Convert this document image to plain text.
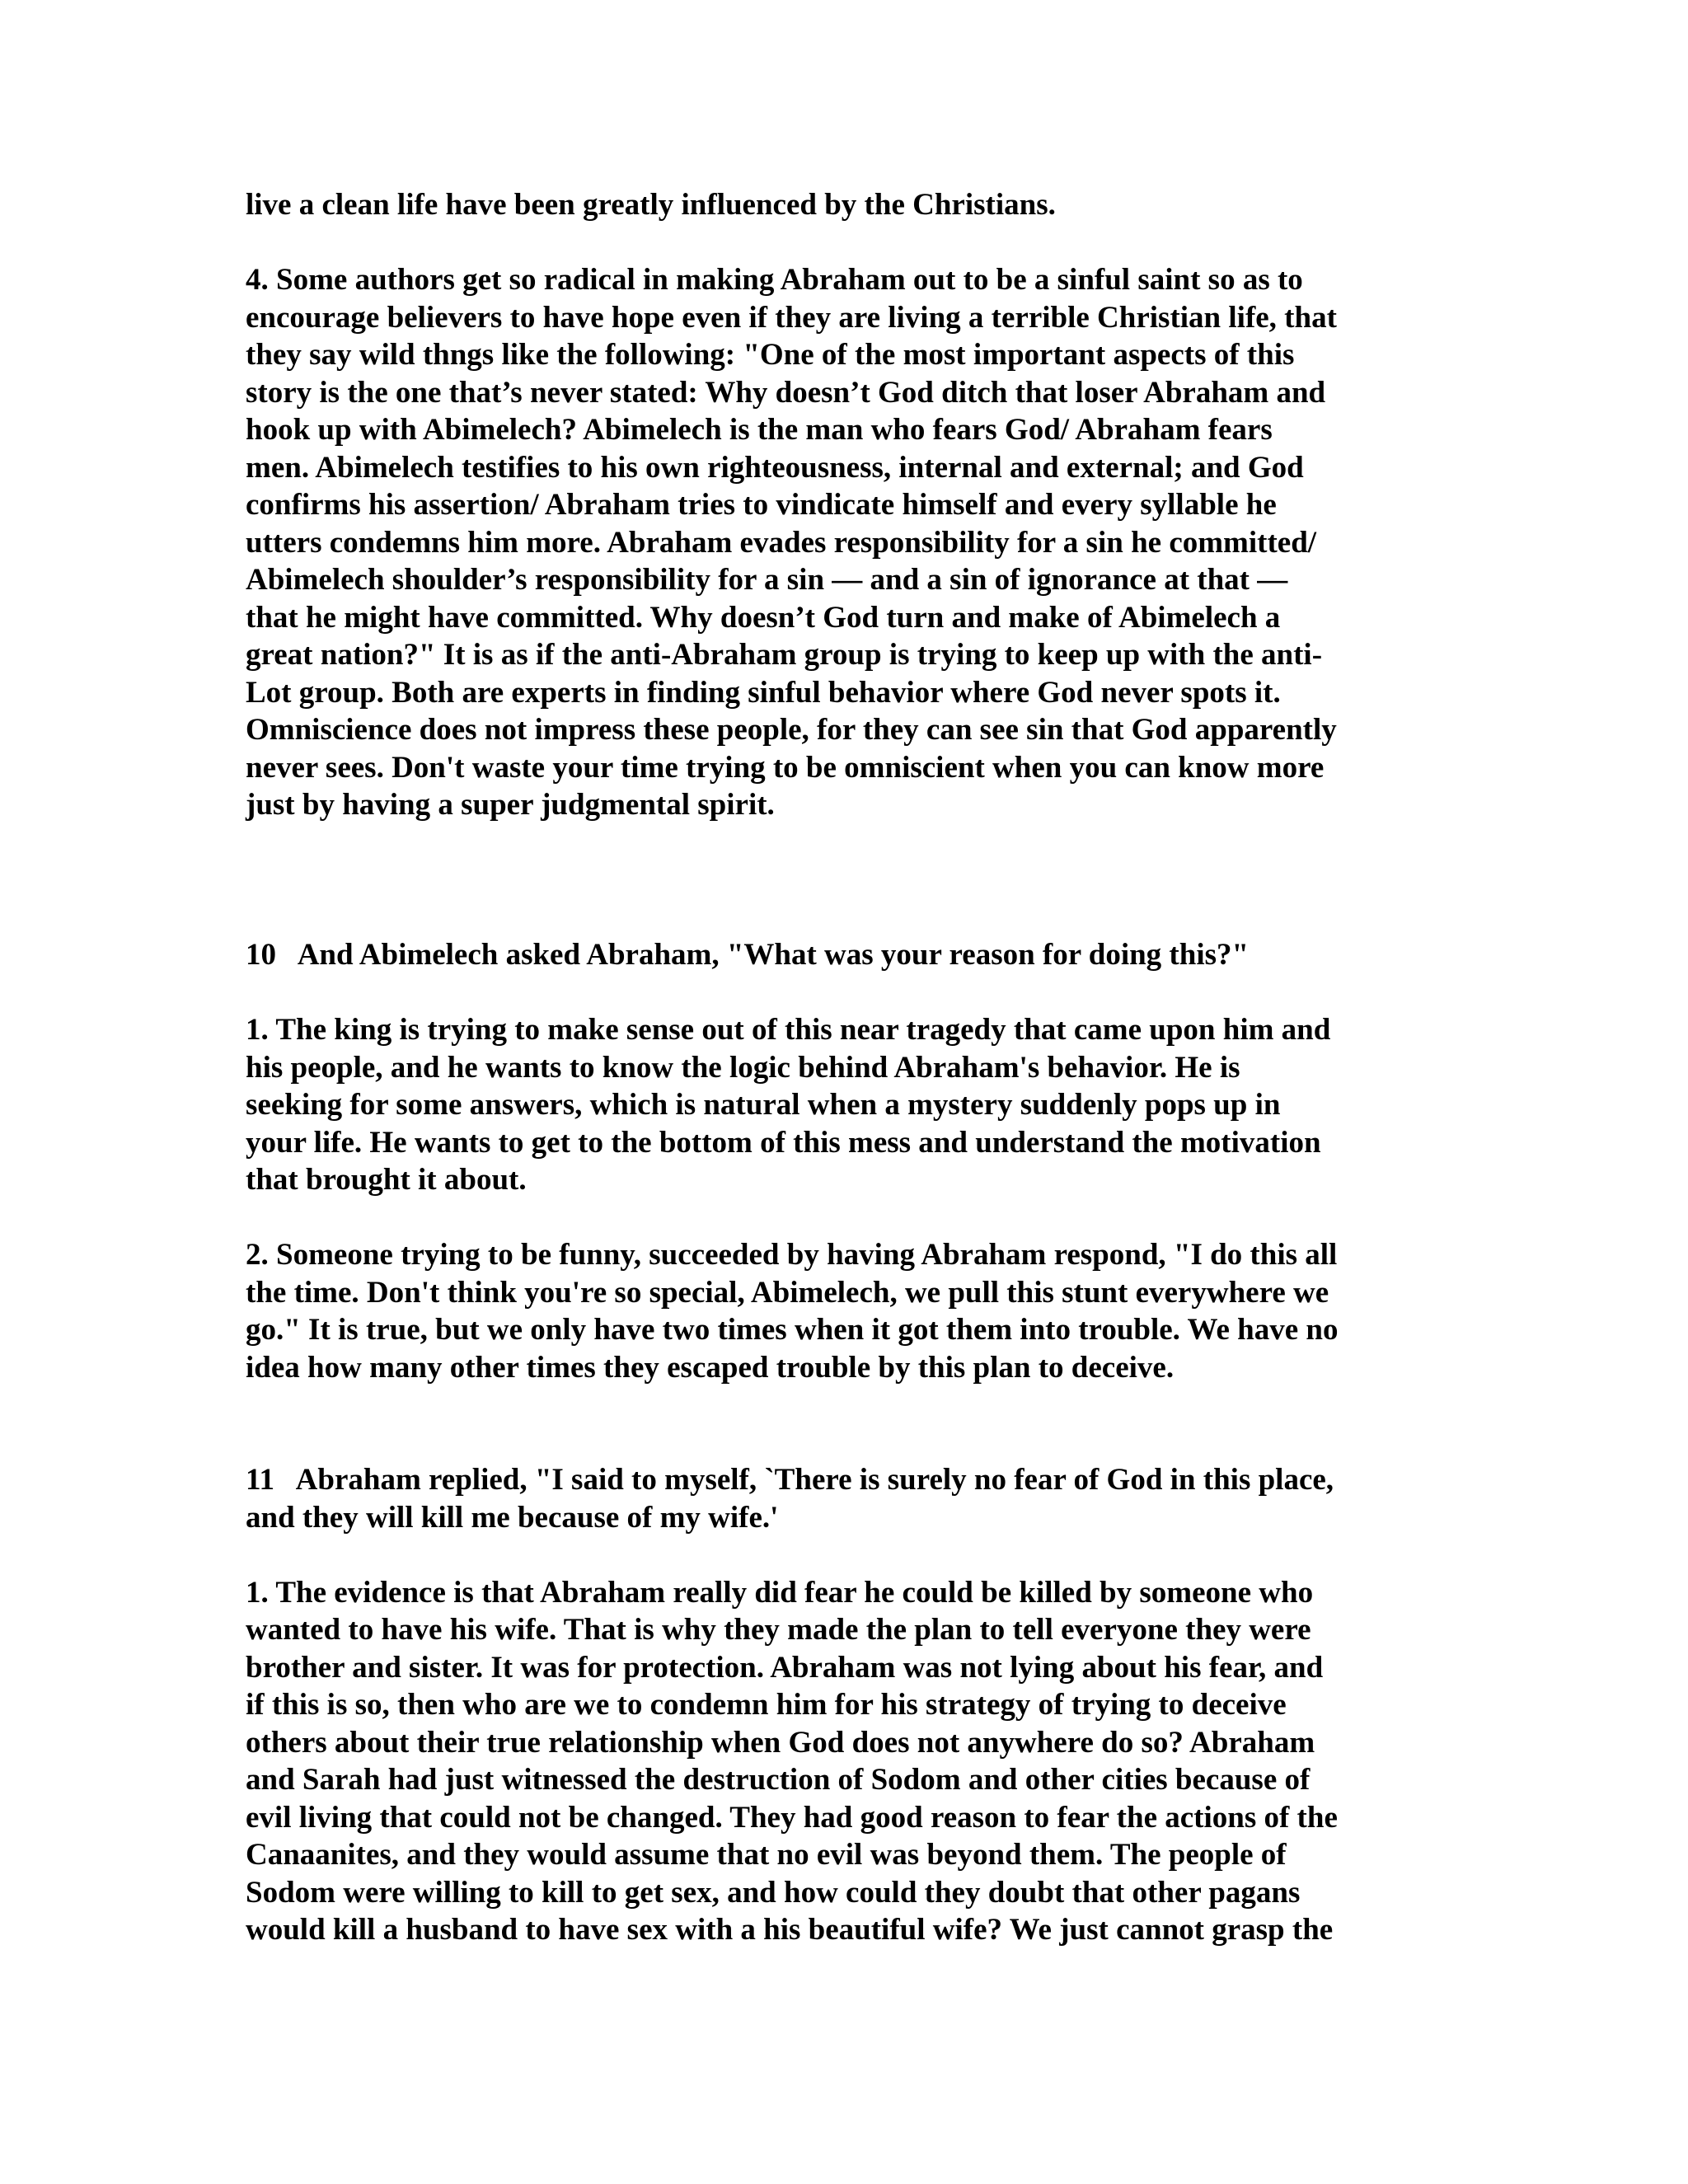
live a clean life have been greatly influenced by the Christians.
4. Some authors get so radical in making Abraham out to be a sinful saint so as to
encourage believers to have hope even if they are living a terrible Christian life, that
they say wild thngs like the following: "One of the most important aspects of this
story is the one that’s never stated: Why doesn’t God ditch that loser Abraham and
hook up with Abimelech? Abimelech is the man who fears God/ Abraham fears
men. Abimelech testifies to his own righteousness, internal and external; and God
confirms his assertion/ Abraham tries to vindicate himself and every syllable he
utters condemns him more. Abraham evades responsibility for a sin he committed/
Abimelech shoulder’s responsibility for a sin — and a sin of ignorance at that —
that he might have committed. Why doesn’t God turn and make of Abimelech a
great nation?" It is as if the anti-Abraham group is trying to keep up with the anti-
Lot group. Both are experts in finding sinful behavior where God never spots it.
Omniscience does not impress these people, for they can see sin that God apparently
never sees. Don't waste your time trying to be omniscient when you can know more
just by having a super judgmental spirit.
10   And Abimelech asked Abraham, "What was your reason for doing this?"
1. The king is trying to make sense out of this near tragedy that came upon him and
his people, and he wants to know the logic behind Abraham's behavior. He is
seeking for some answers, which is natural when a mystery suddenly pops up in
your life. He wants to get to the bottom of this mess and understand the motivation
that brought it about.
2. Someone trying to be funny, succeeded by having Abraham respond, "I do this all
the time. Don't think you're so special, Abimelech, we pull this stunt everywhere we
go." It is true, but we only have two times when it got them into trouble. We have no
idea how many other times they escaped trouble by this plan to deceive.
11   Abraham replied, "I said to myself, `There is surely no fear of God in this place,
and they will kill me because of my wife.'
1. The evidence is that Abraham really did fear he could be killed by someone who
wanted to have his wife. That is why they made the plan to tell everyone they were
brother and sister. It was for protection. Abraham was not lying about his fear, and
if this is so, then who are we to condemn him for his strategy of trying to deceive
others about their true relationship when God does not anywhere do so? Abraham
and Sarah had just witnessed the destruction of Sodom and other cities because of
evil living that could not be changed. They had good reason to fear the actions of the
Canaanites, and they would assume that no evil was beyond them. The people of
Sodom were willing to kill to get sex, and how could they doubt that other pagans
would kill a husband to have sex with a his beautiful wife? We just cannot grasp the
